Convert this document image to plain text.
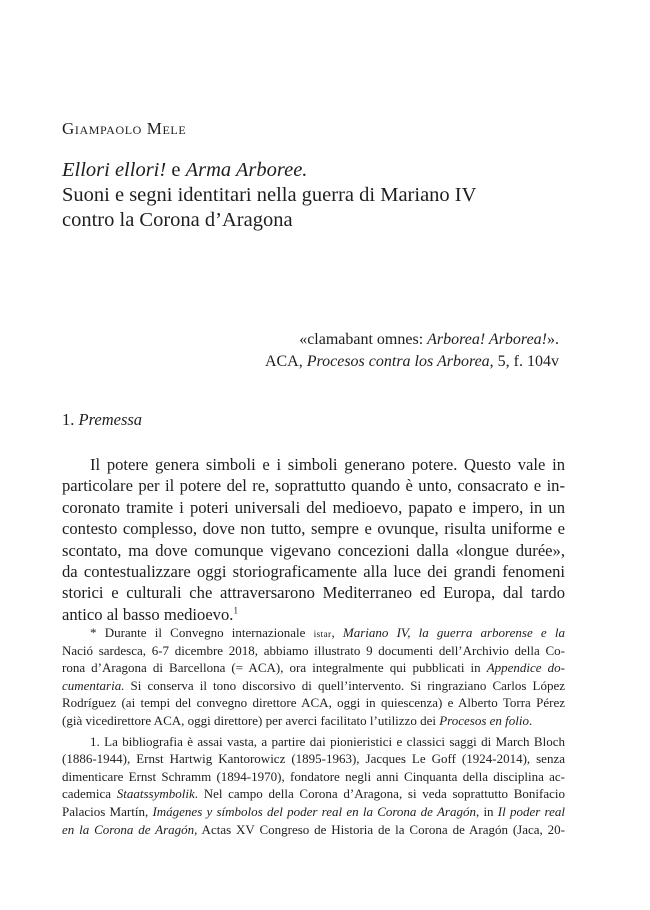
Giampaolo Mele
Ellori ellori! e Arma Arboree.
Suoni e segni identitari nella guerra di Mariano IV
contro la Corona d’Aragona
«clamabant omnes: Arborea! Arborea!».
ACA, Procesos contra los Arborea, 5, f. 104v
1. Premessa
Il potere genera simboli e i simboli generano potere. Questo vale in
particolare per il potere del re, soprattutto quando è unto, consacrato e in-
coronato tramite i poteri universali del medioevo, papato e impero, in un
contesto complesso, dove non tutto, sempre e ovunque, risulta uniforme e
scontato, ma dove comunque vigevano concezioni dalla «longue durée»,
da contestualizzare oggi storiograficamente alla luce dei grandi fenomeni
storici e culturali che attraversarono Mediterraneo ed Europa, dal tardo
antico al basso medioevo.$^1$
* Durante il Convegno internazionale istar, Mariano IV, la guerra arborense e la
Nació sardesca, 6-7 dicembre 2018, abbiamo illustrato 9 documenti dell’Archivio della Co-
rona d’Aragona di Barcellona (= ACA), ora integralmente qui pubblicati in Appendice do-
cumentaria. Si conserva il tono discorsivo di quell’intervento. Si ringraziano Carlos López
Rodríguez (ai tempi del convegno direttore ACA, oggi in quiescenza) e Alberto Torra Pérez
(già vicedirettore ACA, oggi direttore) per averci facilitato l’utilizzo dei Procesos en folio.
1. La bibliografia è assai vasta, a partire dai pionieristici e classici saggi di March Bloch
(1886-1944), Ernst Hartwig Kantorowicz (1895-1963), Jacques Le Goff (1924-2014), senza
dimenticare Ernst Schramm (1894-1970), fondatore negli anni Cinquanta della disciplina ac-
cademica Staatssymbolik. Nel campo della Corona d’Aragona, si veda soprattutto Bonifacio
Palacios Martín, Imágenes y símbolos del poder real en la Corona de Aragón, in Il poder real
en la Corona de Aragón, Actas XV Congreso de Historia de la Corona de Aragón (Jaca, 20-
